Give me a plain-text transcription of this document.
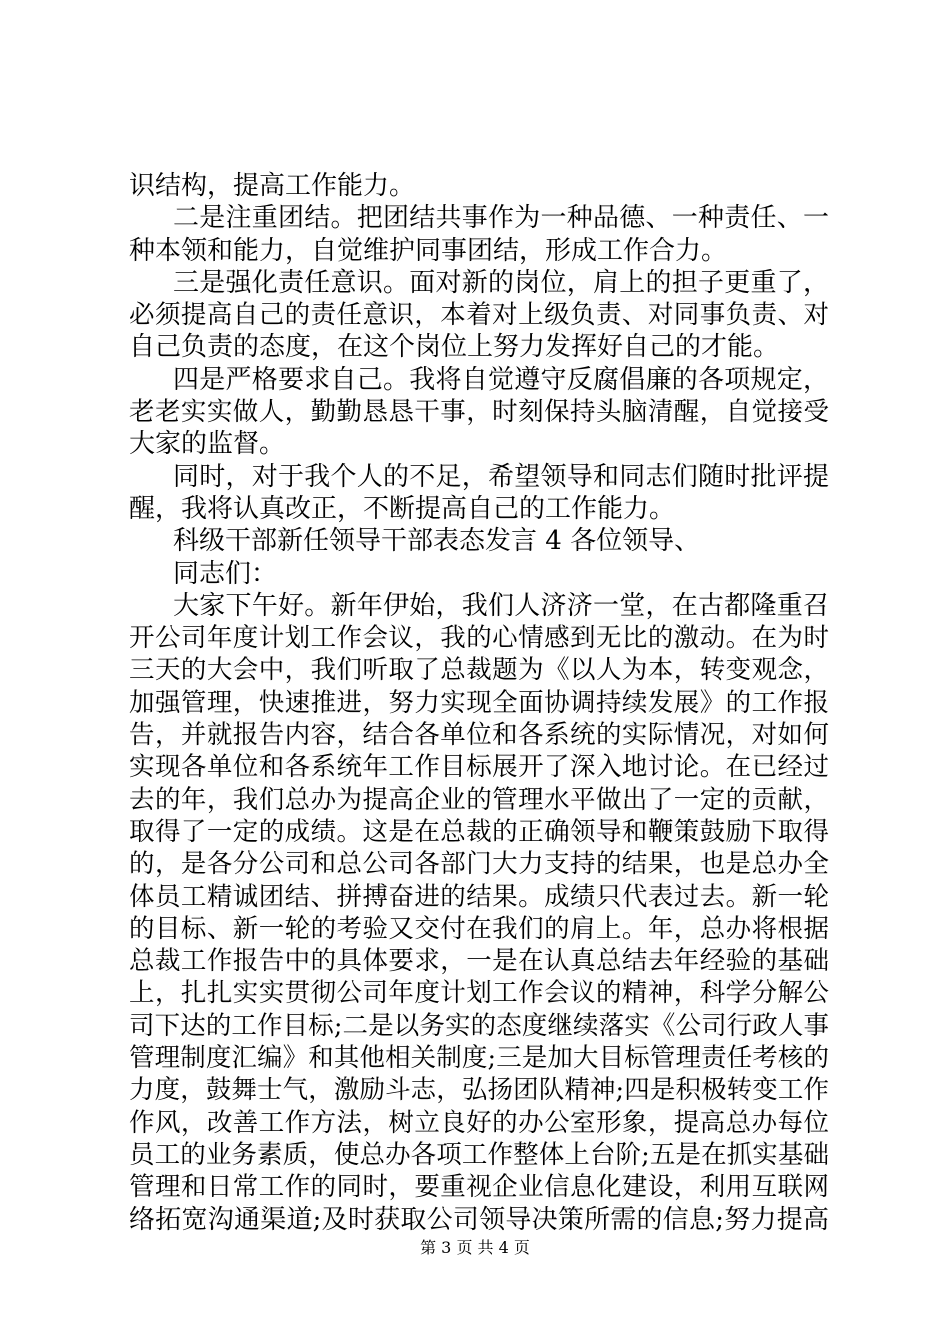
识结构，提高工作能力。
二是注重团结。把团结共事作为一种品德、一种责任、一
种本领和能力，自觉维护同事团结，形成工作合力。
三是强化责任意识。面对新的岗位，肩上的担子更重了，
必须提高自己的责任意识，本着对上级负责、对同事负责、对
自己负责的态度，在这个岗位上努力发挥好自己的才能。
四是严格要求自己。我将自觉遵守反腐倡廉的各项规定，
老老实实做人，勤勤恳恳干事，时刻保持头脑清醒，自觉接受
大家的监督。
同时，对于我个人的不足，希望领导和同志们随时批评提
醒，我将认真改正，不断提高自己的工作能力。
科级干部新任领导干部表态发言 4 各位领导、
同志们：
大家下午好。新年伊始，我们人济济一堂，在古都隆重召
开公司年度计划工作会议，我的心情感到无比的激动。在为时
三天的大会中，我们听取了总裁题为《以人为本，转变观念，
加强管理，快速推进，努力实现全面协调持续发展》的工作报
告，并就报告内容，结合各单位和各系统的实际情况，对如何
实现各单位和各系统年工作目标展开了深入地讨论。在已经过
去的年，我们总办为提高企业的管理水平做出了一定的贡献，
取得了一定的成绩。这是在总裁的正确领导和鞭策鼓励下取得
的，是各分公司和总公司各部门大力支持的结果，也是总办全
体员工精诚团结、拼搏奋进的结果。成绩只代表过去。新一轮
的目标、新一轮的考验又交付在我们的肩上。年，总办将根据
总裁工作报告中的具体要求，一是在认真总结去年经验的基础
上，扎扎实实贯彻公司年度计划工作会议的精神，科学分解公
司下达的工作目标;二是以务实的态度继续落实《公司行政人事
管理制度汇编》和其他相关制度;三是加大目标管理责任考核的
力度，鼓舞士气，激励斗志，弘扬团队精神;四是积极转变工作
作风，改善工作方法，树立良好的办公室形象，提高总办每位
员工的业务素质，使总办各项工作整体上台阶;五是在抓实基础
管理和日常工作的同时，要重视企业信息化建设，利用互联网
络拓宽沟通渠道;及时获取公司领导决策所需的信息;努力提高
第 3 页 共 4 页
